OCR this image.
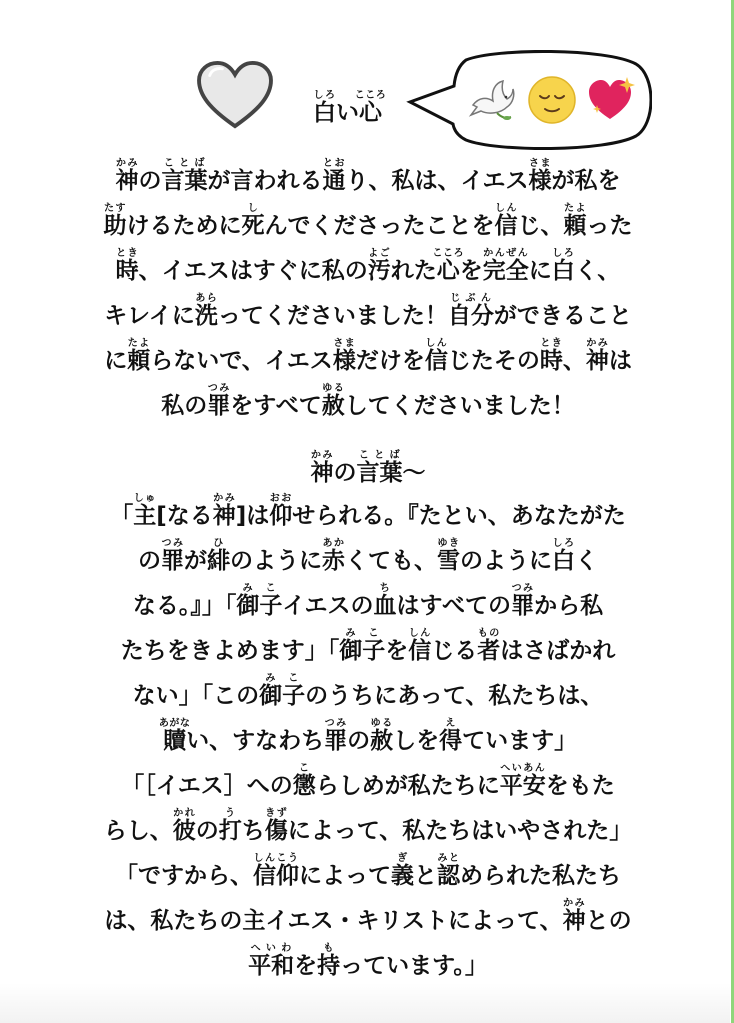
白しろい心こころ
神かみの言葉ことばが言われる通とおり、私は、イエス様さまが私を
助たすけるために死しんでくださったことを信しんじ、頼たよった
時とき、イエスはすぐに私の汚よごれた心こころを完全かんぜんに白しろく、
キレイに洗あらってくださいました！自分じぶんができること
に頼たよらないで、イエス様さまだけを信しんじたその時とき、神かみは
私の罪つみをすべて赦ゆるしてくださいました！
神かみの言葉ことば〜
「主しゅ[なる神かみ]は仰おおせられる。『たとい、あなたがた
の罪つみが緋ひのように赤あかくても、雪ゆきのように白しろく
なる。』」「御子みこイエスの血ちはすべての罪つみから私
たちをきよめます」「御子みこを信しんじる者ものはさばかれ
ない」「この御子みこのうちにあって、私たちは、
贖あがない、すなわち罪つみの赦ゆるしを得えています」
「［イエス］への懲こらしめが私たちに平安へいあんをもた
らし、彼かれの打うち傷きずによって、私たちはいやされた」
「ですから、信仰しんこうによって義ぎと認みとめられた私たち
は、私たちの主イエス・キリストによって、神かみとの
平和へいわを持もっています。」
